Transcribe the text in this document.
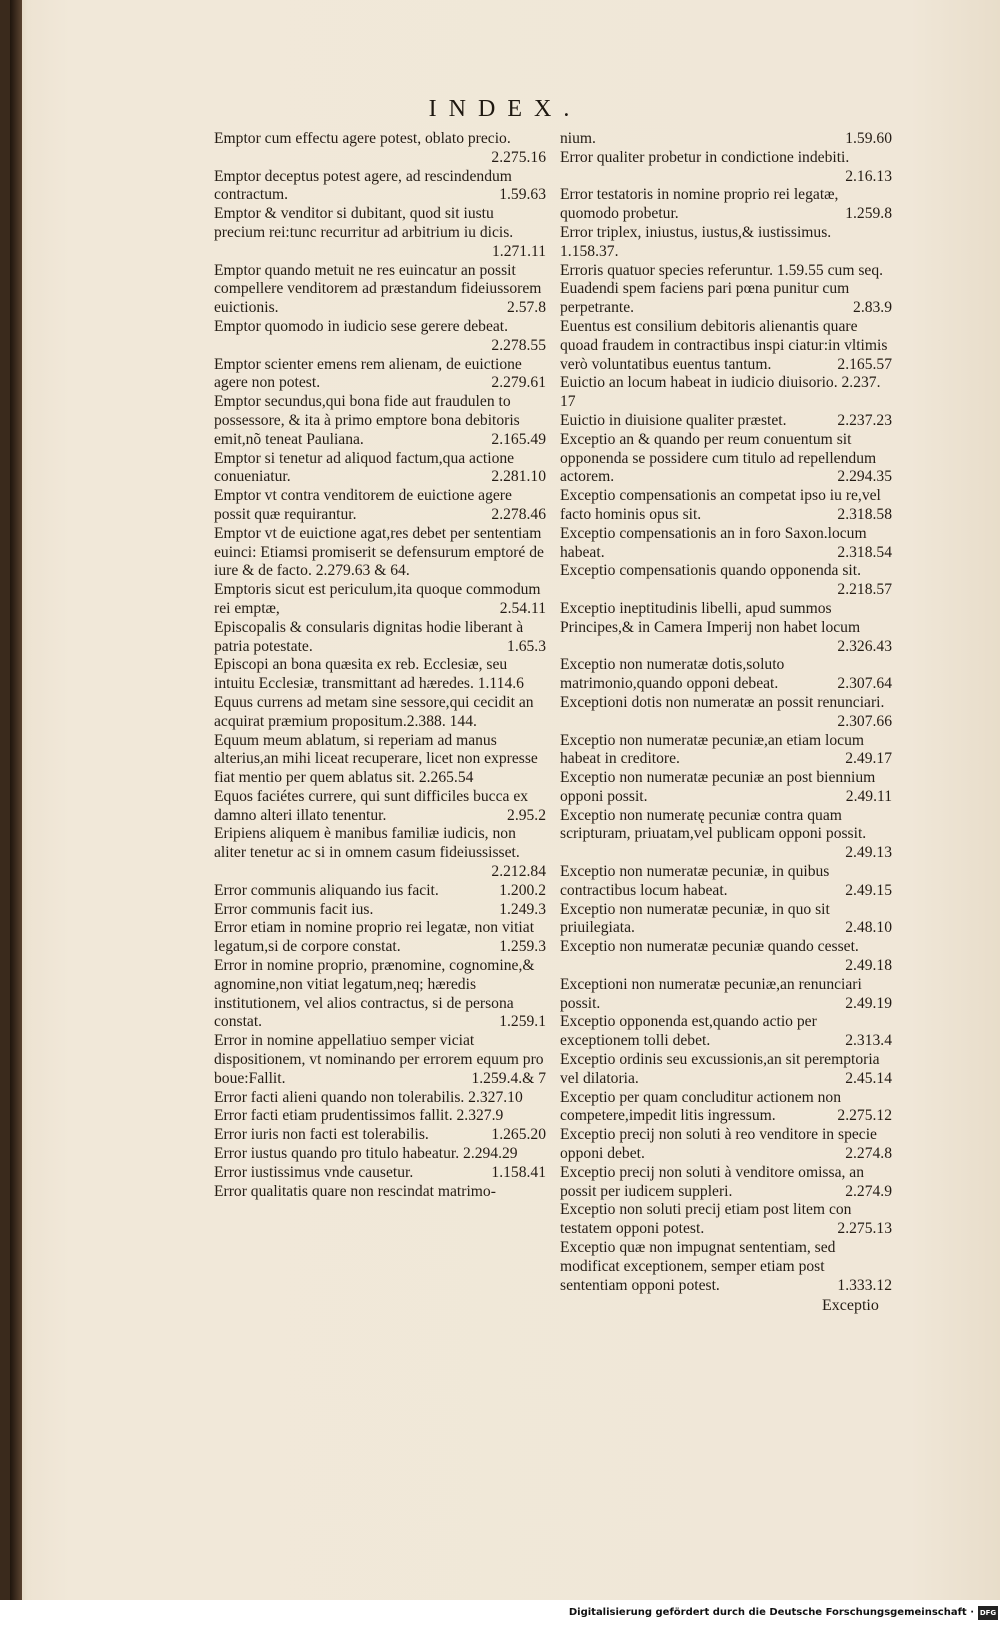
INDEX.
Emptor cum effectu agere potest, oblato precio.
2.275.16
Emptor deceptus potest agere, ad rescindendum contractum.	1.59.63
Emptor & venditor si dubitant, quod sit iustu precium rei:tunc recurritur ad arbitrium iu dicis.
1.271.11
Emptor quando metuit ne res euincatur an possit compellere venditorem ad præstandum fideiussorem euictionis.	2.57.8
Emptor quomodo in iudicio sese gerere debeat.
2.278.55
Emptor scienter emens rem alienam, de euictione agere non potest.	2.279.61
Emptor secundus,qui bona fide aut fraudulen to possessore, & ita à primo emptore bona debitoris emit,nõ teneat Pauliana.	2.165.49
Emptor si tenetur ad aliquod factum,qua actione conueniatur.	2.281.10
Emptor vt contra venditorem de euictione agere possit quæ requirantur.	2.278.46
Emptor vt de euictione agat,res debet per sententiam euinci: Etiamsi promiserit se defensurum emptoré de iure & de facto. 2.279.63 & 64.
Emptoris sicut est periculum,ita quoque commodum rei emptæ,	2.54.11
Episcopalis & consularis dignitas hodie liberant à patria potestate.	1.65.3
Episcopi an bona quæsita ex reb. Ecclesiæ, seu intuitu Ecclesiæ, transmittant ad hæredes. 1.114.6
Equus currens ad metam sine sessore,qui cecidit an acquirat præmium propositum.2.388. 144.
Equum meum ablatum, si reperiam ad manus alterius,an mihi liceat recuperare, licet non expresse fiat mentio per quem ablatus sit. 2.265.54
Equos faciétes currere, qui sunt difficiles bucca ex damno alteri illato tenentur.	2.95.2
Eripiens aliquem è manibus familiæ iudicis, non aliter tenetur ac si in omnem casum fideiussisset.
2.212.84
Error communis aliquando ius facit.	1.200.2
Error communis facit ius.	1.249.3
Error etiam in nomine proprio rei legatæ, non vitiat legatum,si de corpore constat.	1.259.3
Error in nomine proprio, prænomine, cognomine,& agnomine,non vitiat legatum,neq; hæredis institutionem, vel alios contractus, si de persona constat.	1.259.1
Error in nomine appellatiuo semper viciat dispositionem, vt nominando per errorem equum pro boue:Fallit.	1.259.4.& 7
Error facti alieni quando non tolerabilis. 2.327.10
Error facti etiam prudentissimos fallit. 2.327.9
Error iuris non facti est tolerabilis.	1.265.20
Error iustus quando pro titulo habeatur. 2.294.29
Error iustissimus vnde causetur.	1.158.41
Error qualitatis quare non rescindat matrimo-
nium.	1.59.60
Error qualiter probetur in condictione indebiti.
2.16.13
Error testatoris in nomine proprio rei legatæ, quomodo probetur.	1.259.8
Error triplex, iniustus, iustus,& iustissimus. 1.158.37.
Erroris quatuor species referuntur. 1.59.55 cum seq.
Euadendi spem faciens pari pœna punitur cum perpetrante.	2.83.9
Euentus est consilium debitoris alienantis quare quoad fraudem in contractibus inspi ciatur:in vltimis verò voluntatibus euentus tantum.	2.165.57
Euictio an locum habeat in iudicio diuisorio. 2.237. 17
Euictio in diuisione qualiter præstet.	2.237.23
Exceptio an & quando per reum conuentum sit opponenda se possidere cum titulo ad repellendum actorem.	2.294.35
Exceptio compensationis an competat ipso iu re,vel facto hominis opus sit.	2.318.58
Exceptio compensationis an in foro Saxon.locum habeat.	2.318.54
Exceptio compensationis quando opponenda sit.
2.218.57
Exceptio ineptitudinis libelli, apud summos Principes,& in Camera Imperij non habet locum
2.326.43
Exceptio non numeratæ dotis,soluto matrimonio,quando opponi debeat.	2.307.64
Exceptioni dotis non numeratæ an possit renunciari.
2.307.66
Exceptio non numeratæ pecuniæ,an etiam locum habeat in creditore.	2.49.17
Exceptio non numeratæ pecuniæ an post biennium opponi possit.	2.49.11
Exceptio non numeratę pecuniæ contra quam scripturam, priuatam,vel publicam opponi possit.
2.49.13
Exceptio non numeratæ pecuniæ, in quibus contractibus locum habeat.	2.49.15
Exceptio non numeratæ pecuniæ, in quo sit priuilegiata.	2.48.10
Exceptio non numeratæ pecuniæ quando cesset.
2.49.18
Exceptioni non numeratæ pecuniæ,an renunciari possit.	2.49.19
Exceptio opponenda est,quando actio per exceptionem tolli debet.	2.313.4
Exceptio ordinis seu excussionis,an sit peremptoria vel dilatoria.	2.45.14
Exceptio per quam concluditur actionem non competere,impedit litis ingressum.	2.275.12
Exceptio precij non soluti à reo venditore in specie opponi debet.	2.274.8
Exceptio precij non soluti à venditore omissa, an possit per iudicem suppleri.	2.274.9
Exceptio non soluti precij etiam post litem con testatem opponi potest.	2.275.13
Exceptio quæ non impugnat sententiam, sed modificat exceptionem, semper etiam post sententiam opponi potest.	1.333.12
Exceptio
Digitalisierung gefördert durch die Deutsche Forschungsgemeinschaft · DFG
